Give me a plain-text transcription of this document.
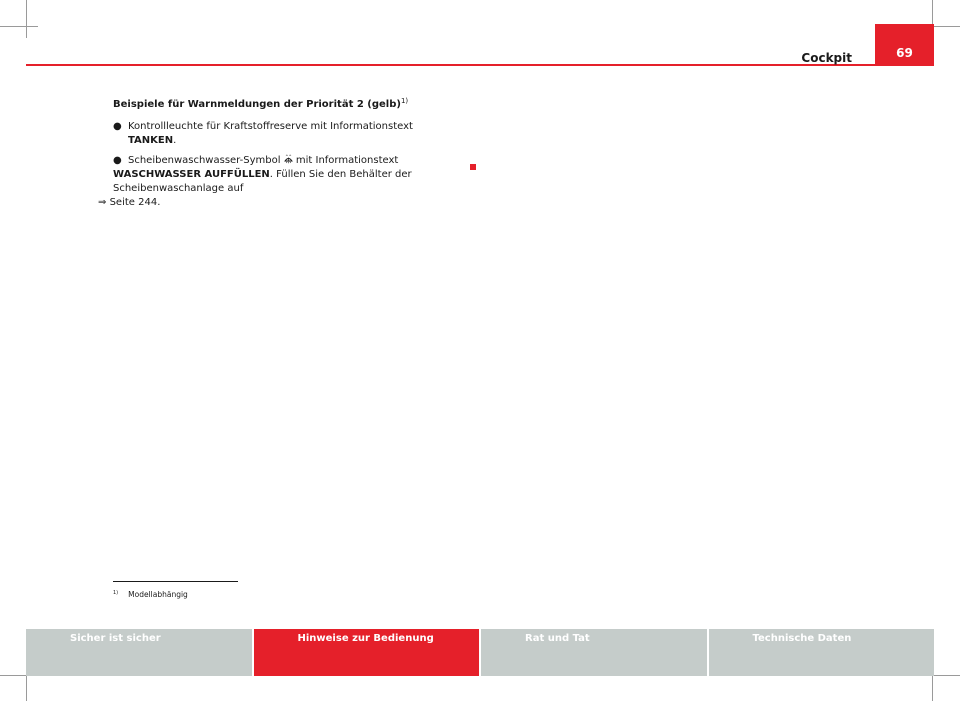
Cockpit	69

Beispiele für Warnmeldungen der Priorität 2 (gelb)$^{1)}$

● Kontrollleuchte für Kraftstoffreserve mit Informationstext TANKEN.
● Scheibenwaschwasser-Symbol  mit Informationstext WASCHWASSER AUFFÜLLEN. Füllen Sie den Behälter der Scheibenwaschanlage auf
⇒ Seite 244.
$^{1)}$ Modellabhängig
Sicher ist sicher	Hinweise zur Bedienung	Rat und Tat	Technische Daten
